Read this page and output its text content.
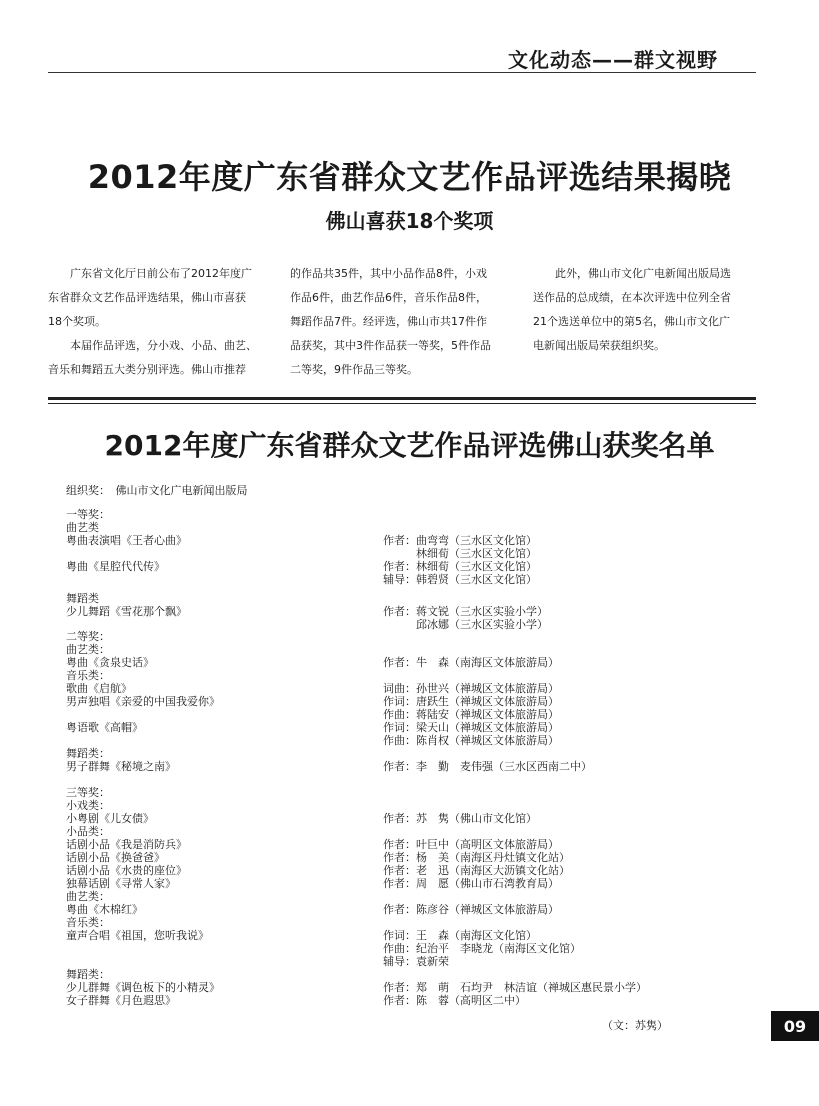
文化动态——群文视野
2012年度广东省群众文艺作品评选结果揭晓
佛山喜获18个奖项

　　广东省文化厅日前公布了2012年度广

东省群众文艺作品评选结果，佛山市喜获

18个奖项。

　　本届作品评选，分小戏、小品、曲艺、

音乐和舞蹈五大类分别评选。佛山市推荐

的作品共35件，其中小品作品8件，小戏

作品6件，曲艺作品6件，音乐作品8件，

舞蹈作品7件。经评选，佛山市共17件作

品获奖，其中3件作品获一等奖，5件作品

二等奖，9件作品三等奖。

　　此外，佛山市文化广电新闻出版局选

送作品的总成绩，在本次评选中位列全省

21个选送单位中的第5名，佛山市文化广

电新闻出版局荣获组织奖。

2012年度广东省群众文艺作品评选佛山获奖名单
组织奖：　佛山市文化广电新闻出版局
一等奖：
曲艺类
粤曲表演唱《王者心曲》	作者：曲弯弯（三水区文化馆）
　　　林细荀（三水区文化馆）
粤曲《星腔代代传》	作者：林细荀（三水区文化馆）
辅导：韩碧贤（三水区文化馆）
舞蹈类
少儿舞蹈《雪花那个飘》	作者：蒋文锐（三水区实验小学）
　　　邱冰娜（三水区实验小学）
二等奖：
曲艺类：
粤曲《贪泉史话》	作者：牛　森（南海区文体旅游局）
音乐类：
歌曲《启航》	词曲：孙世兴（禅城区文体旅游局）
男声独唱《亲爱的中国我爱你》	作词：唐跃生（禅城区文体旅游局）
作曲：蒋陆安（禅城区文体旅游局）
粤语歌《高帽》	作词：梁天山（禅城区文体旅游局）
作曲：陈肖权（禅城区文体旅游局）
舞蹈类：
男子群舞《秘境之南》	作者：李　勤　麦伟强（三水区西南二中）
三等奖：
小戏类：
小粤剧《儿女债》	作者：苏　隽（佛山市文化馆）
小品类：
话剧小品《我是消防兵》	作者：叶巨中（高明区文体旅游局）
话剧小品《换爸爸》	作者：杨　美（南海区丹灶镇文化站）
话剧小品《水贵的座位》	作者：老　迅（南海区大沥镇文化站）
独幕话剧《寻常人家》	作者：周　愿（佛山市石湾教育局）
曲艺类：
粤曲《木棉红》	作者：陈彦谷（禅城区文体旅游局）
音乐类：
童声合唱《祖国，您听我说》	作词：王　森（南海区文化馆）
作曲：纪治平　李晓龙（南海区文化馆）
辅导：袁新荣
舞蹈类：
少儿群舞《调色板下的小精灵》	作者：郑　萌　石均尹　林洁谊（禅城区惠民景小学）
女子群舞《月色遐思》	作者：陈　蓉（高明区二中）
（文：苏隽）	09
